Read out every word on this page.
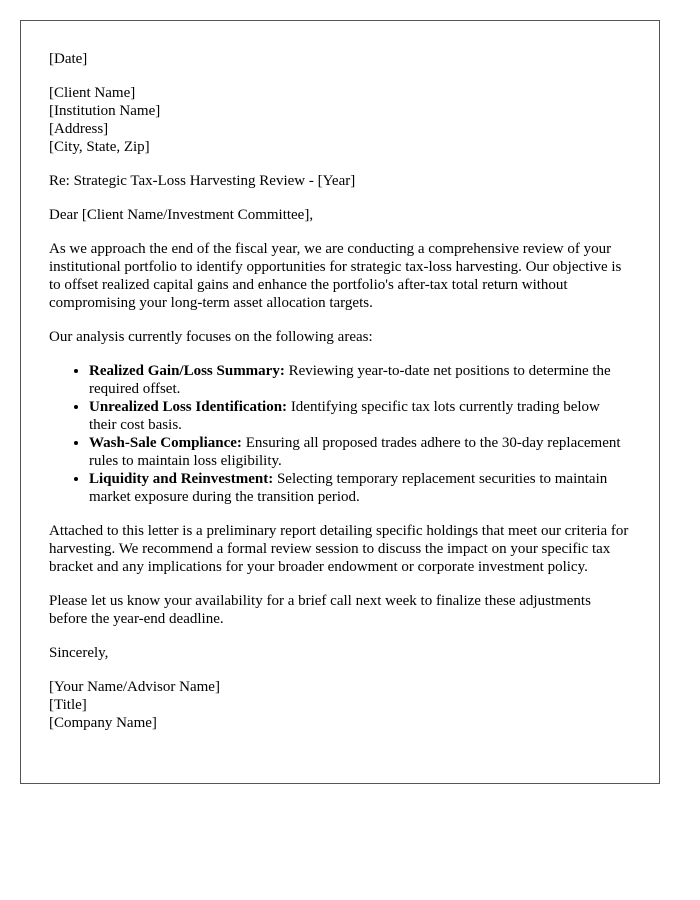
[Date]
[Client Name]
[Institution Name]
[Address]
[City, State, Zip]

Re: Strategic Tax-Loss Harvesting Review - [Year]

Dear [Client Name/Investment Committee],

As we approach the end of the fiscal year, we are conducting a comprehensive review of your institutional portfolio to identify opportunities for strategic tax-loss harvesting. Our objective is to offset realized capital gains and enhance the portfolio's after-tax total return without compromising your long-term asset allocation targets.

Our analysis currently focuses on the following areas:

• Realized Gain/Loss Summary: Reviewing year-to-date net positions to determine the required offset.
• Unrealized Loss Identification: Identifying specific tax lots currently trading below their cost basis.
• Wash-Sale Compliance: Ensuring all proposed trades adhere to the 30-day replacement rules to maintain loss eligibility.
• Liquidity and Reinvestment: Selecting temporary replacement securities to maintain market exposure during the transition period.

Attached to this letter is a preliminary report detailing specific holdings that meet our criteria for harvesting. We recommend a formal review session to discuss the impact on your specific tax bracket and any implications for your broader endowment or corporate investment policy.

Please let us know your availability for a brief call next week to finalize these adjustments before the year-end deadline.

Sincerely,

[Your Name/Advisor Name]
[Title]
[Company Name]
